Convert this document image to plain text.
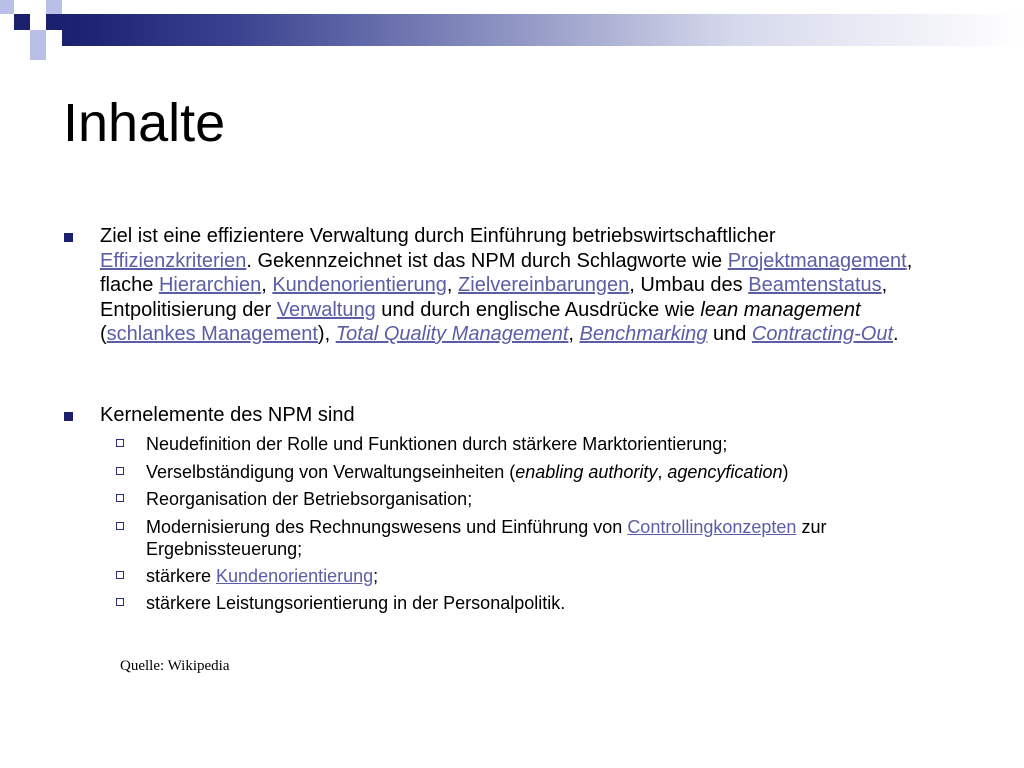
Inhalte
Ziel ist eine effizientere Verwaltung durch Einführung betriebswirtschaftlicher Effizienzkriterien. Gekennzeichnet ist das NPM durch Schlagworte wie Projektmanagement, flache Hierarchien, Kundenorientierung, Zielvereinbarungen, Umbau des Beamtenstatus, Entpolitisierung der Verwaltung und durch englische Ausdrücke wie lean management (schlankes Management), Total Quality Management, Benchmarking und Contracting-Out.
Kernelemente des NPM sind
Neudefinition der Rolle und Funktionen durch stärkere Marktorientierung;
Verselbständigung von Verwaltungseinheiten (enabling authority, agencyfication)
Reorganisation der Betriebsorganisation;
Modernisierung des Rechnungswesens und Einführung von Controllingkonzepten zur Ergebnissteuerung;
stärkere Kundenorientierung;
stärkere Leistungsorientierung in der Personalpolitik.
Quelle: Wikipedia
